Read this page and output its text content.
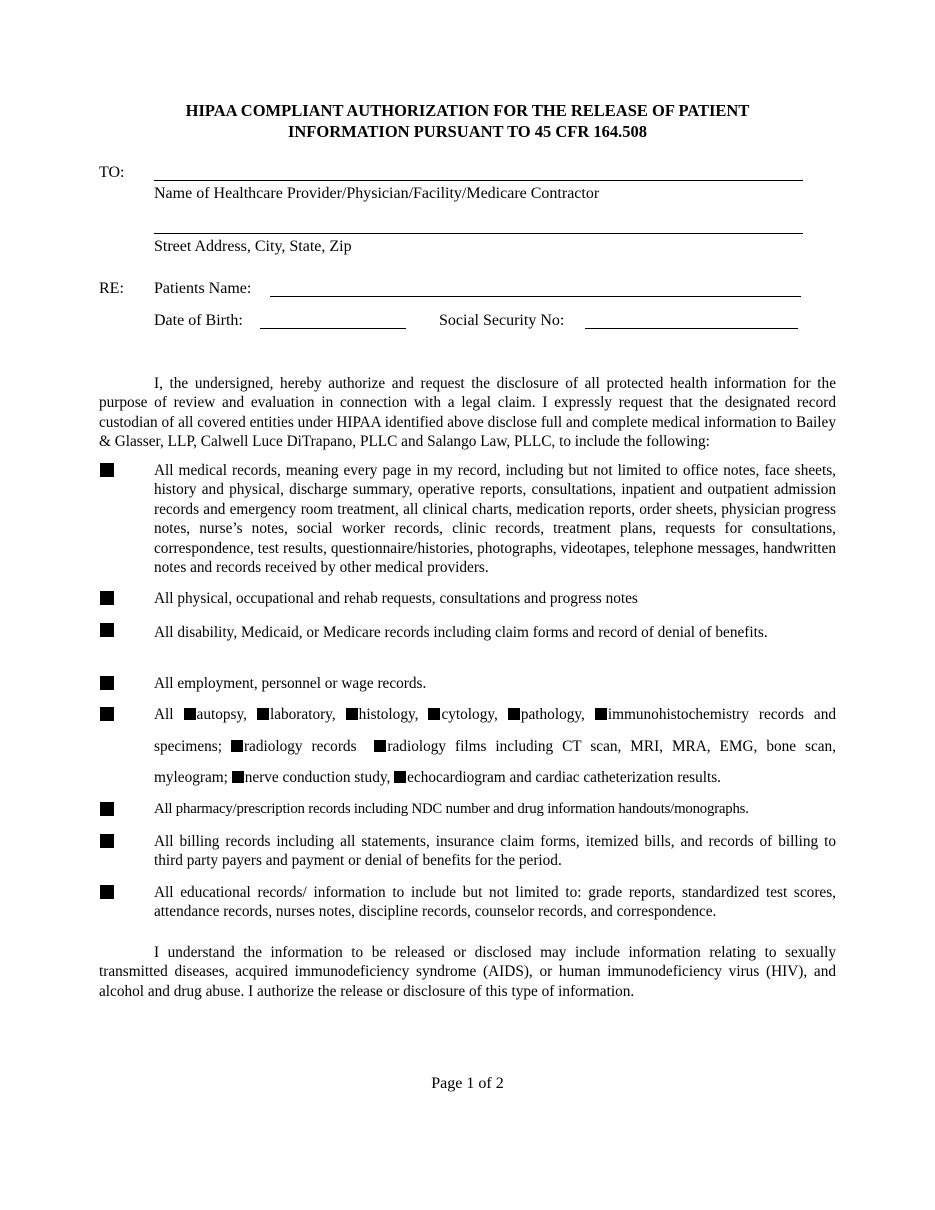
HIPAA COMPLIANT AUTHORIZATION FOR THE RELEASE OF PATIENT
INFORMATION PURSUANT TO 45 CFR 164.508
TO:
Name of Healthcare Provider/Physician/Facility/Medicare Contractor
Street Address, City, State, Zip
RE: Patients Name:
Date of Birth:	Social Security No:
I, the undersigned, hereby authorize and request the disclosure of all protected health information for the purpose of review and evaluation in connection with a legal claim. I expressly request that the designated record custodian of all covered entities under HIPAA identified above disclose full and complete medical information to Bailey & Glasser, LLP, Calwell Luce DiTrapano, PLLC and Salango Law, PLLC, to include the following:
All medical records, meaning every page in my record, including but not limited to office notes, face sheets, history and physical, discharge summary, operative reports, consultations, inpatient and outpatient admission records and emergency room treatment, all clinical charts, medication reports, order sheets, physician progress notes, nurse’s notes, social worker records, clinic records, treatment plans, requests for consultations, correspondence, test results, questionnaire/histories, photographs, videotapes, telephone messages, handwritten notes and records received by other medical providers.
All physical, occupational and rehab requests, consultations and progress notes
All disability, Medicaid, or Medicare records including claim forms and record of denial of benefits.
All employment, personnel or wage records.
All autopsy, laboratory, histology, cytology, pathology, immunohistochemistry records and specimens; radiology records radiology films including CT scan, MRI, MRA, EMG, bone scan, myleogram; nerve conduction study, echocardiogram and cardiac catheterization results.
All pharmacy/prescription records including NDC number and drug information handouts/monographs.
All billing records including all statements, insurance claim forms, itemized bills, and records of billing to third party payers and payment or denial of benefits for the period.
All educational records/ information to include but not limited to: grade reports, standardized test scores, attendance records, nurses notes, discipline records, counselor records, and correspondence.
I understand the information to be released or disclosed may include information relating to sexually transmitted diseases, acquired immunodeficiency syndrome (AIDS), or human immunodeficiency virus (HIV), and alcohol and drug abuse. I authorize the release or disclosure of this type of information.
Page 1 of 2
